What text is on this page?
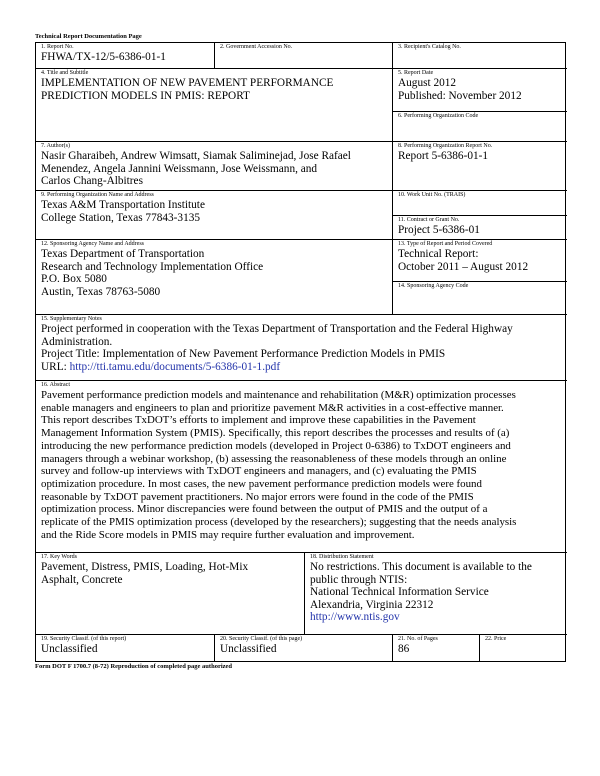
Technical Report Documentation Page
1. Report No.
FHWA/TX-12/5-6386-01-1
2. Government Accession No.	3. Recipient's Catalog No.
4. Title and Subtitle
IMPLEMENTATION OF NEW PAVEMENT PERFORMANCE
PREDICTION MODELS IN PMIS: REPORT
5. Report Date
August 2012
Published: November 2012
6. Performing Organization Code
7. Author(s)
Nasir Gharaibeh, Andrew Wimsatt, Siamak Saliminejad, Jose Rafael
Menendez, Angela Jannini Weissmann, Jose Weissmann, and
Carlos Chang-Albitres
8. Performing Organization Report No.
Report 5-6386-01-1
9. Performing Organization Name and Address
Texas A&M Transportation Institute
College Station, Texas 77843-3135
10. Work Unit No. (TRAIS)
11. Contract or Grant No.
Project 5-6386-01
12. Sponsoring Agency Name and Address
Texas Department of Transportation
Research and Technology Implementation Office
P.O. Box 5080
Austin, Texas 78763-5080
13. Type of Report and Period Covered
Technical Report:
October 2011 – August 2012
14. Sponsoring Agency Code
15. Supplementary Notes
Project performed in cooperation with the Texas Department of Transportation and the Federal Highway
Administration.
Project Title: Implementation of New Pavement Performance Prediction Models in PMIS
URL: http://tti.tamu.edu/documents/5-6386-01-1.pdf
16. Abstract
Pavement performance prediction models and maintenance and rehabilitation (M&R) optimization processes
enable managers and engineers to plan and prioritize pavement M&R activities in a cost-effective manner.
This report describes TxDOT’s efforts to implement and improve these capabilities in the Pavement
Management Information System (PMIS). Specifically, this report describes the processes and results of (a)
introducing the new performance prediction models (developed in Project 0-6386) to TxDOT engineers and
managers through a webinar workshop, (b) assessing the reasonableness of these models through an online
survey and follow-up interviews with TxDOT engineers and managers, and (c) evaluating the PMIS
optimization procedure. In most cases, the new pavement performance prediction models were found
reasonable by TxDOT pavement practitioners. No major errors were found in the code of the PMIS
optimization process. Minor discrepancies were found between the output of PMIS and the output of a
replicate of the PMIS optimization process (developed by the researchers); suggesting that the needs analysis
and the Ride Score models in PMIS may require further evaluation and improvement.
17. Key Words
Pavement, Distress, PMIS, Loading, Hot-Mix
Asphalt, Concrete
18. Distribution Statement
No restrictions. This document is available to the
public through NTIS:
National Technical Information Service
Alexandria, Virginia 22312
http://www.ntis.gov
19. Security Classif. (of this report)
Unclassified
20. Security Classif. (of this page)
Unclassified
21. No. of Pages
86
22. Price
Form DOT F 1700.7 (8-72) Reproduction of completed page authorized
